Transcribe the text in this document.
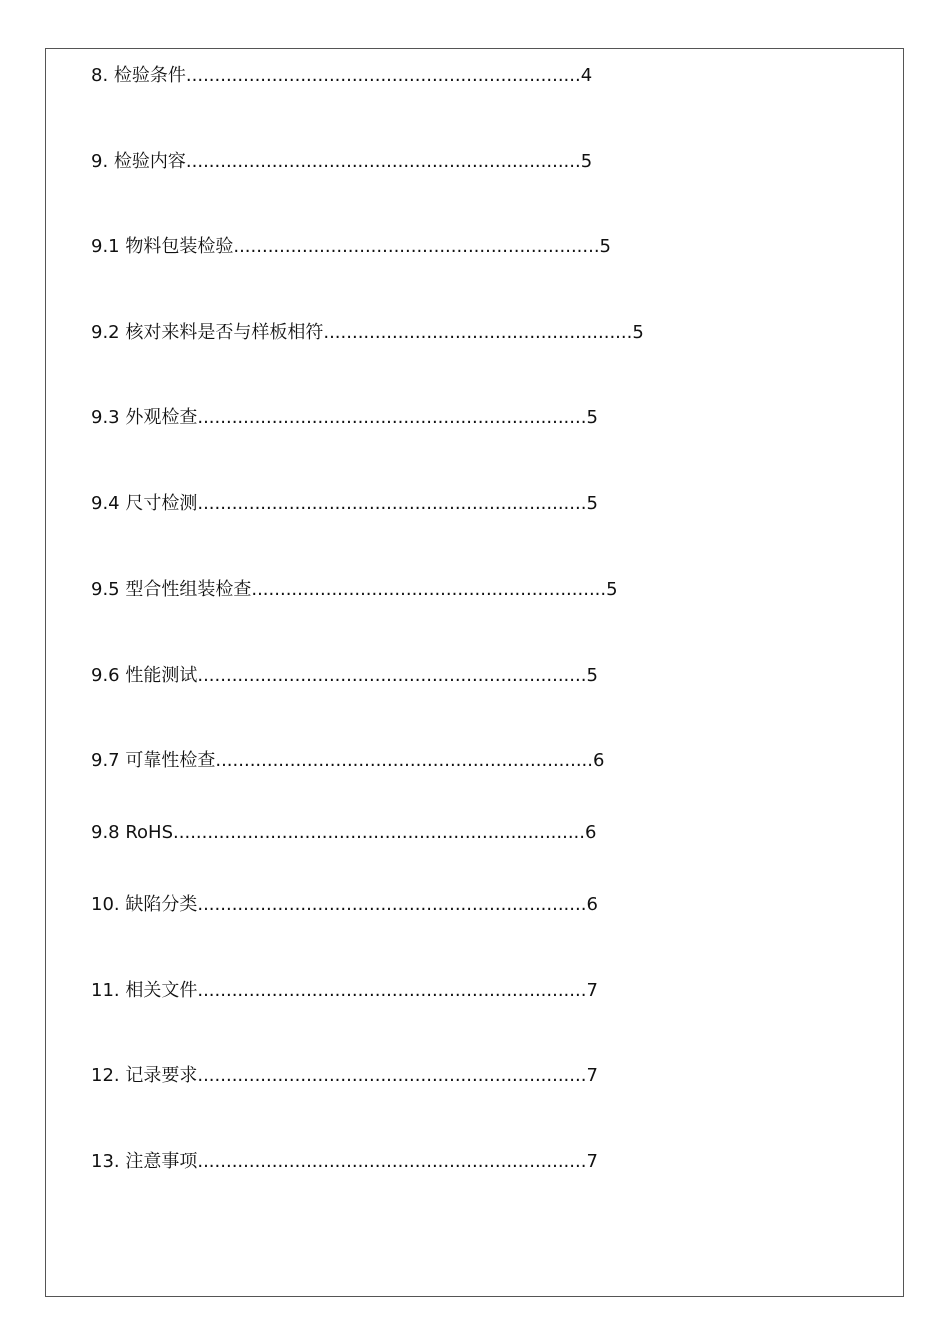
8. 检验条件.....................................................................4
9. 检验内容.....................................................................5
9.1 物料包装检验................................................................5
9.2 核对来料是否与样板相符......................................................5
9.3 外观检查....................................................................5
9.4 尺寸检测....................................................................5
9.5 型合性组装检查..............................................................5
9.6 性能测试....................................................................5
9.7 可靠性检查..................................................................6
9.8 RoHS........................................................................6
10. 缺陷分类....................................................................6
11. 相关文件....................................................................7
12. 记录要求....................................................................7
13. 注意事项....................................................................7
